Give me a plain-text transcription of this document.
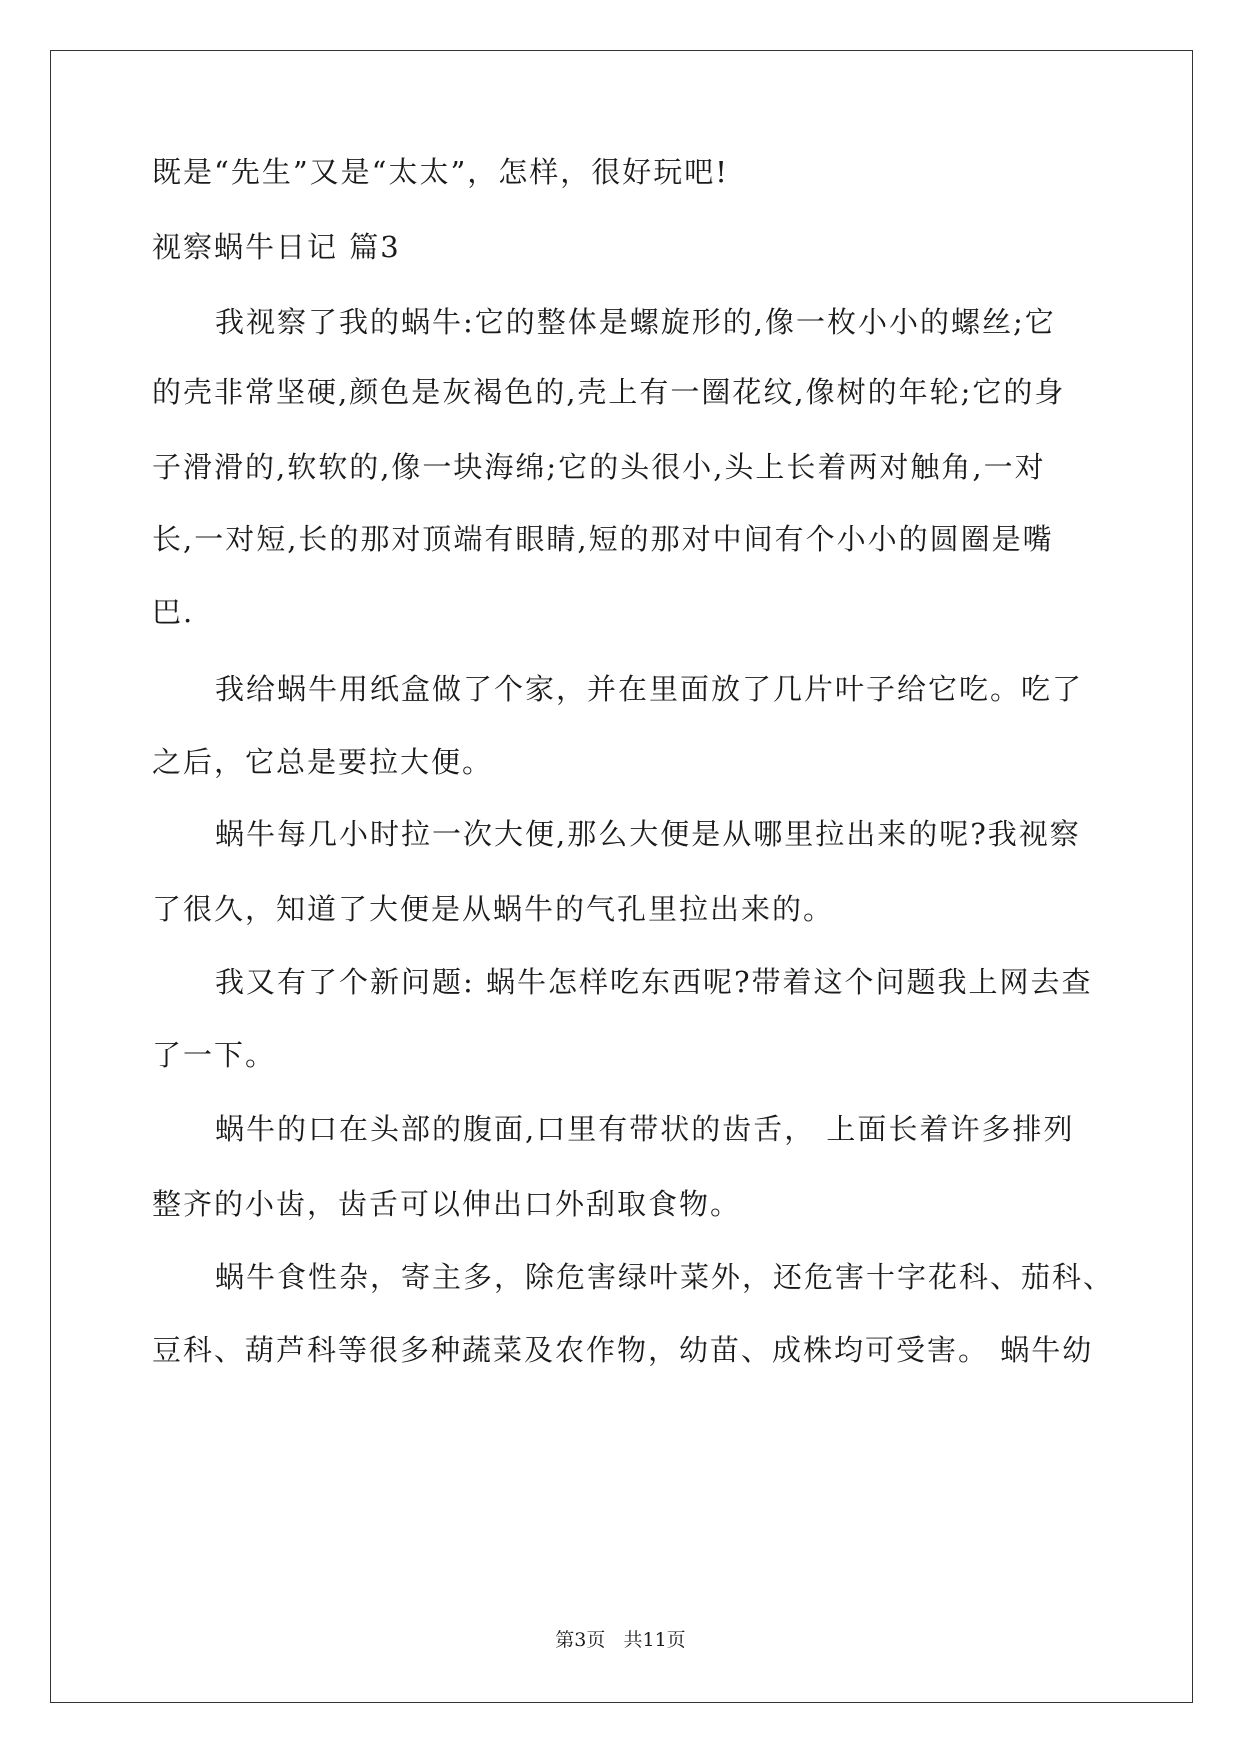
既是“先生”又是“太太”，怎样，很好玩吧!
视察蜗牛日记 篇3
我视察了我的蜗牛:它的整体是螺旋形的,像一枚小小的螺丝;它
的壳非常坚硬,颜色是灰褐色的,壳上有一圈花纹,像树的年轮;它的身
子滑滑的,软软的,像一块海绵;它的头很小,头上长着两对触角,一对
长,一对短,长的那对顶端有眼睛,短的那对中间有个小小的圆圈是嘴
巴.
我给蜗牛用纸盒做了个家，并在里面放了几片叶子给它吃。吃了
之后，它总是要拉大便。
蜗牛每几小时拉一次大便,那么大便是从哪里拉出来的呢?我视察
了很久，知道了大便是从蜗牛的气孔里拉出来的。
我又有了个新问题: 蜗牛怎样吃东西呢?带着这个问题我上网去查
了一下。
蜗牛的口在头部的腹面,口里有带状的齿舌， 上面长着许多排列
整齐的小齿，齿舌可以伸出口外刮取食物。
蜗牛食性杂，寄主多，除危害绿叶菜外，还危害十字花科、茄科、
豆科、葫芦科等很多种蔬菜及农作物，幼苗、成株均可受害。 蜗牛幼
第3页   共11页
